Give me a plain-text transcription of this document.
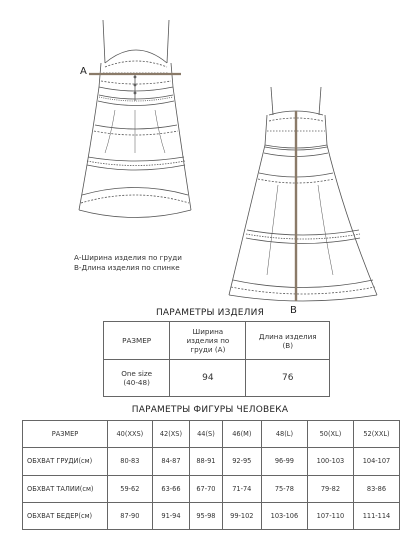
A
B
А-Ширина изделия по груди
В-Длина изделия по спинке
ПАРАМЕТРЫ ИЗДЕЛИЯ
РАЗМЕР	Ширина изделия по груди (А)	Длина изделия (В)
One size (40-48)	94	76
ПАРАМЕТРЫ ФИГУРЫ ЧЕЛОВЕКА
РАЗМЕР	40(XXS)	42(XS)	44(S)	46(M)	48(L)	50(XL)	52(XXL)
ОБХВАТ ГРУДИ(см)	80-83	84-87	88-91	92-95	96-99	100-103	104-107
ОБХВАТ ТАЛИИ(см)	59-62	63-66	67-70	71-74	75-78	79-82	83-86
ОБХВАТ БЕДЕР(см)	87-90	91-94	95-98	99-102	103-106	107-110	111-114
